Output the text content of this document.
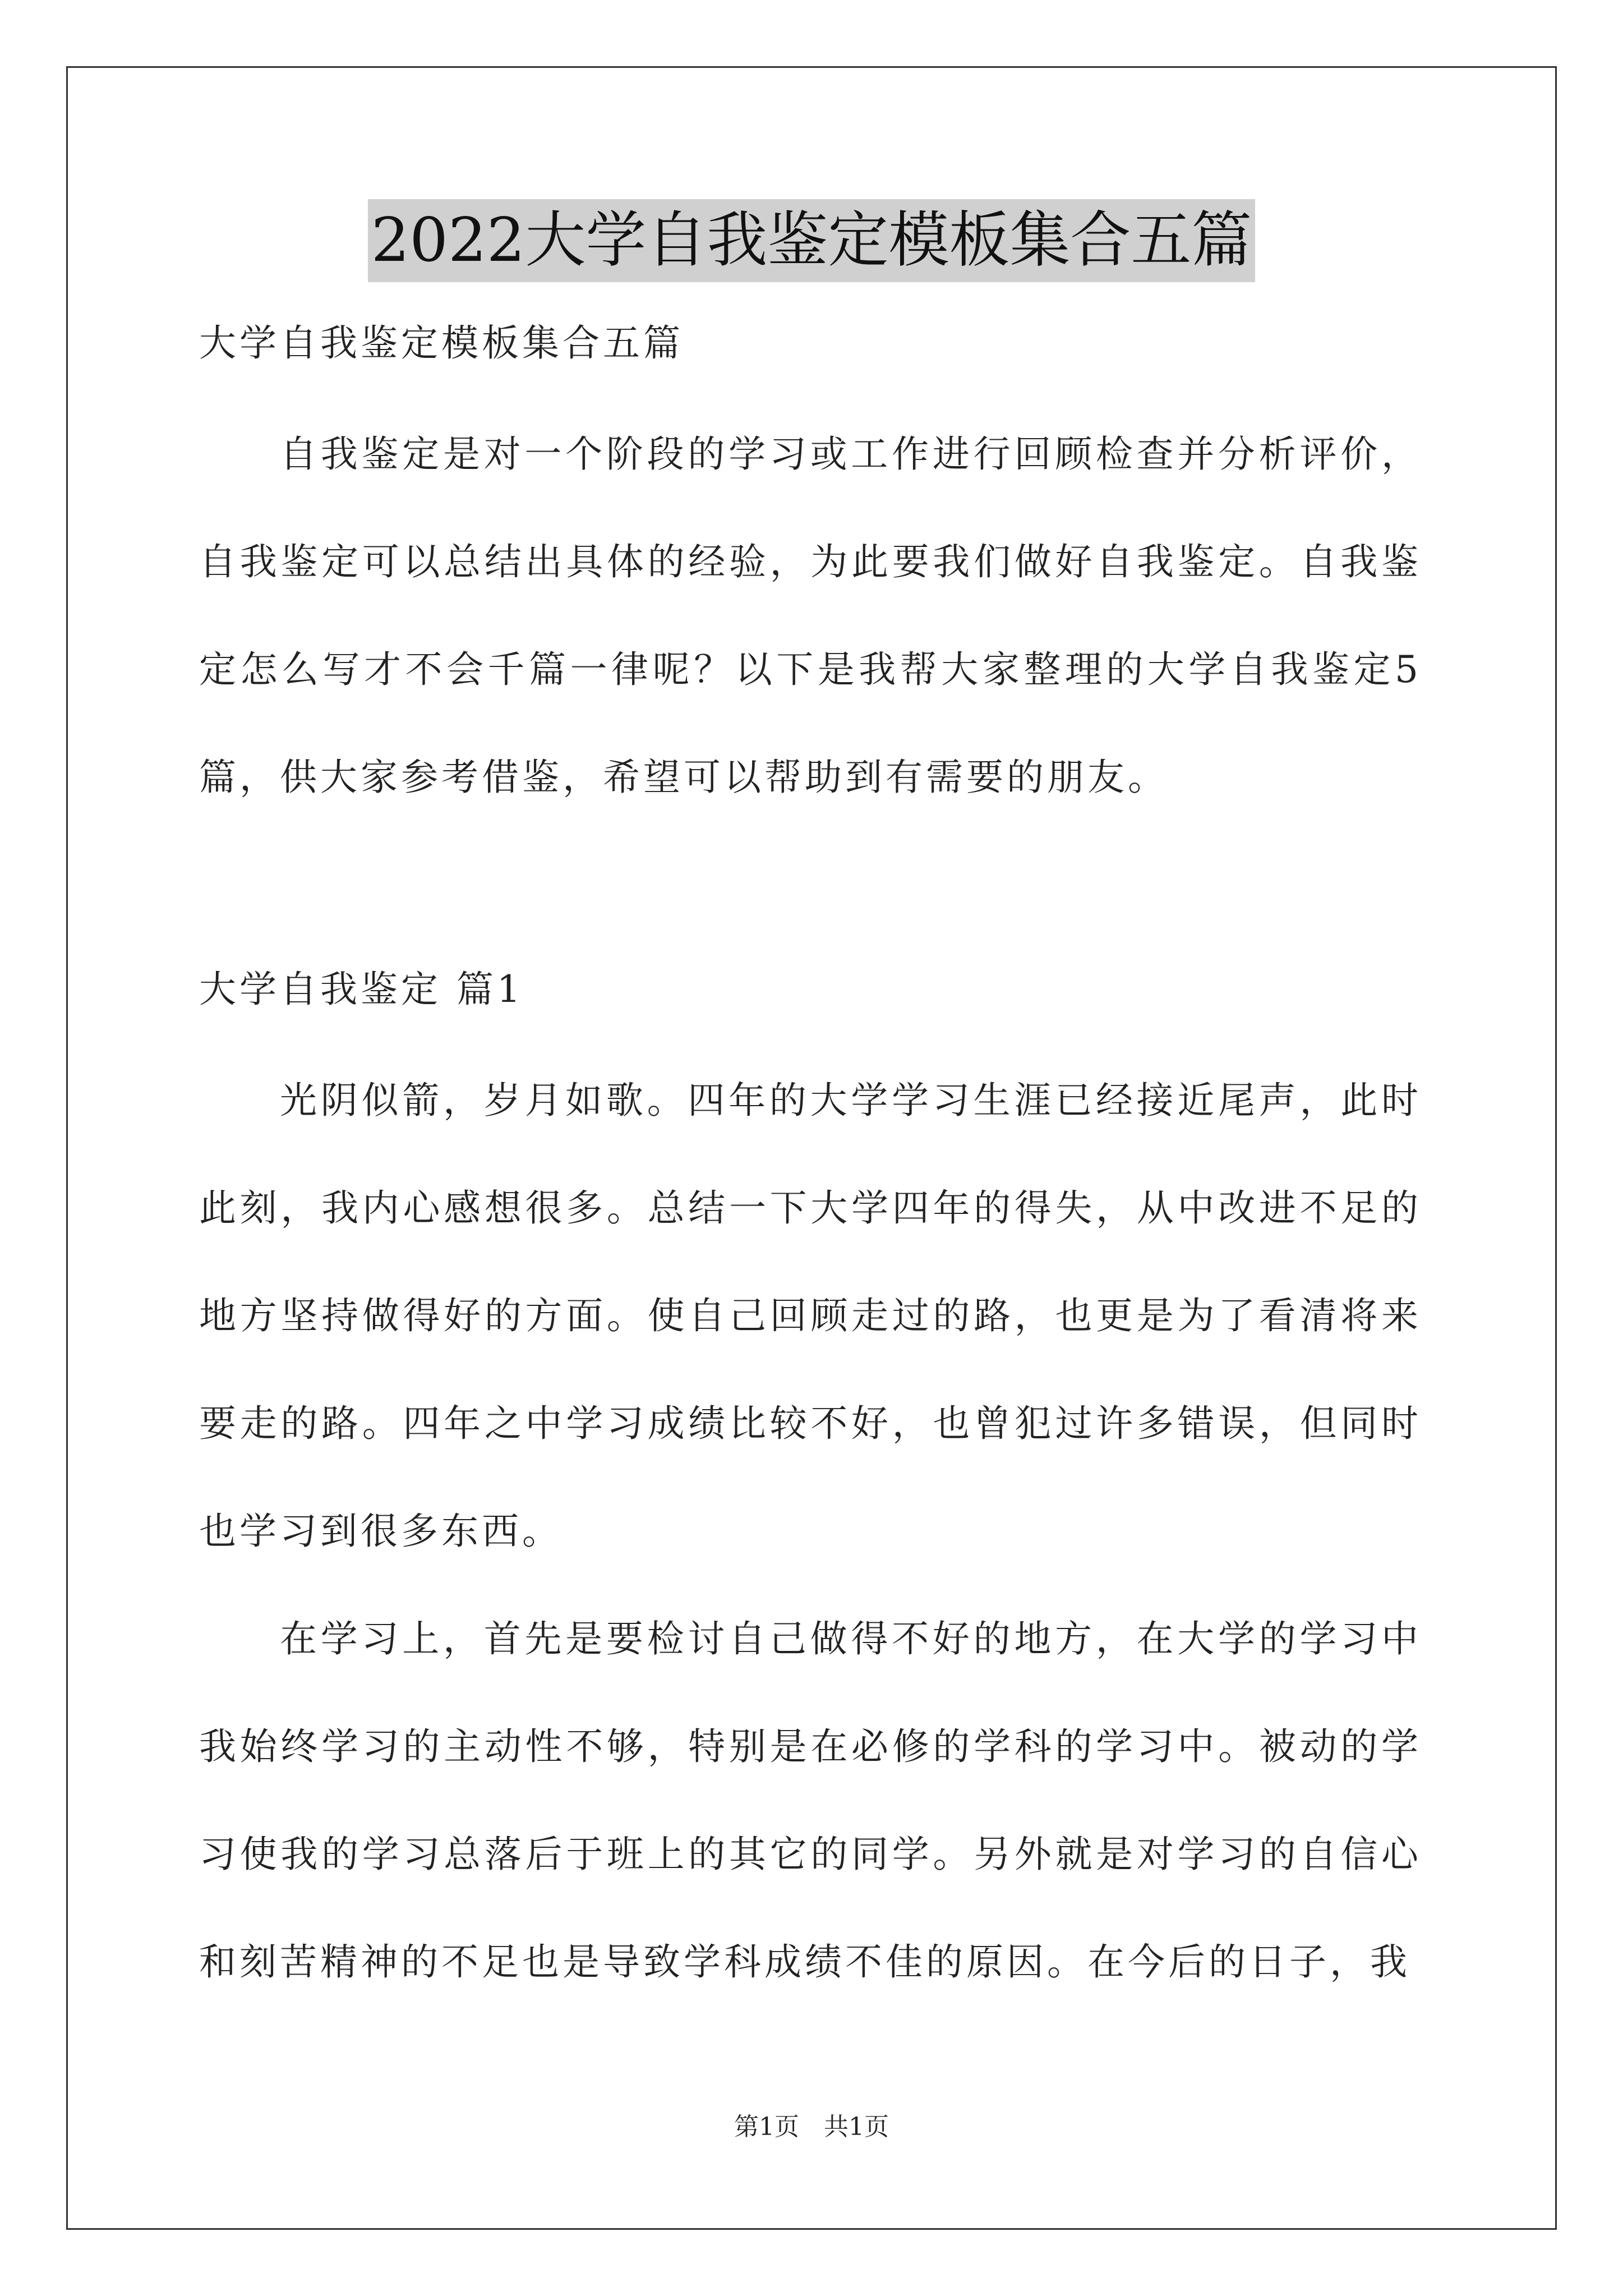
2022大学自我鉴定模板集合五篇

大学自我鉴定模板集合五篇

自我鉴定是对一个阶段的学习或工作进行回顾检查并分析评价，自我鉴定可以总结出具体的经验，为此要我们做好自我鉴定。自我鉴定怎么写才不会千篇一律呢？以下是我帮大家整理的大学自我鉴定5篇，供大家参考借鉴，希望可以帮助到有需要的朋友。

大学自我鉴定 篇1

光阴似箭，岁月如歌。四年的大学学习生涯已经接近尾声，此时此刻，我内心感想很多。总结一下大学四年的得失，从中改进不足的地方坚持做得好的方面。使自己回顾走过的路，也更是为了看清将来要走的路。四年之中学习成绩比较不好，也曾犯过许多错误，但同时也学习到很多东西。

在学习上，首先是要检讨自己做得不好的地方，在大学的学习中我始终学习的主动性不够，特别是在必修的学科的学习中。被动的学习使我的学习总落后于班上的其它的同学。另外就是对学习的自信心和刻苦精神的不足也是导致学科成绩不佳的原因。在今后的日子，我

第1页　共1页
